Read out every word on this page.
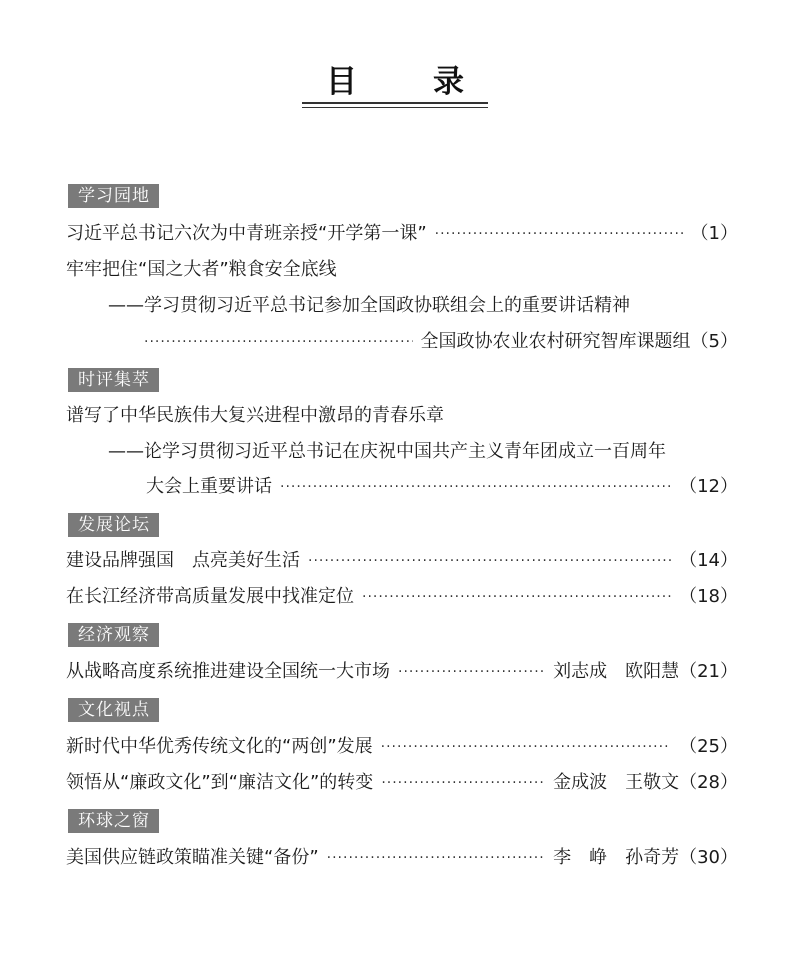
目 录
学习园地
习近平总书记六次为中青班亲授“开学第一课” ·····	（1）
牢牢把住“国之大者”粮食安全底线
——学习贯彻习近平总书记参加全国政协联组会上的重要讲话精神
·····
全国政协农业农村研究智库课题组 （5）
时评集萃
谱写了中华民族伟大复兴进程中激昂的青春乐章
——论学习贯彻习近平总书记在庆祝中国共产主义青年团成立一百周年
大会上重要讲话 ·····	（12）
发展论坛
建设品牌强国　点亮美好生活 ·····	（14）
在长江经济带高质量发展中找准定位 ·····	（18）
经济观察
从战略高度系统推进建设全国统一大市场 ·····	刘志成　欧阳慧 （21）
文化视点
新时代中华优秀传统文化的“两创”发展 ·····	（25）
领悟从“廉政文化”到“廉洁文化”的转变 ·····	金成波　王敬文 （28）
环球之窗
美国供应链政策瞄准关键“备份” ·····	李　峥　孙奇芳 （30）
